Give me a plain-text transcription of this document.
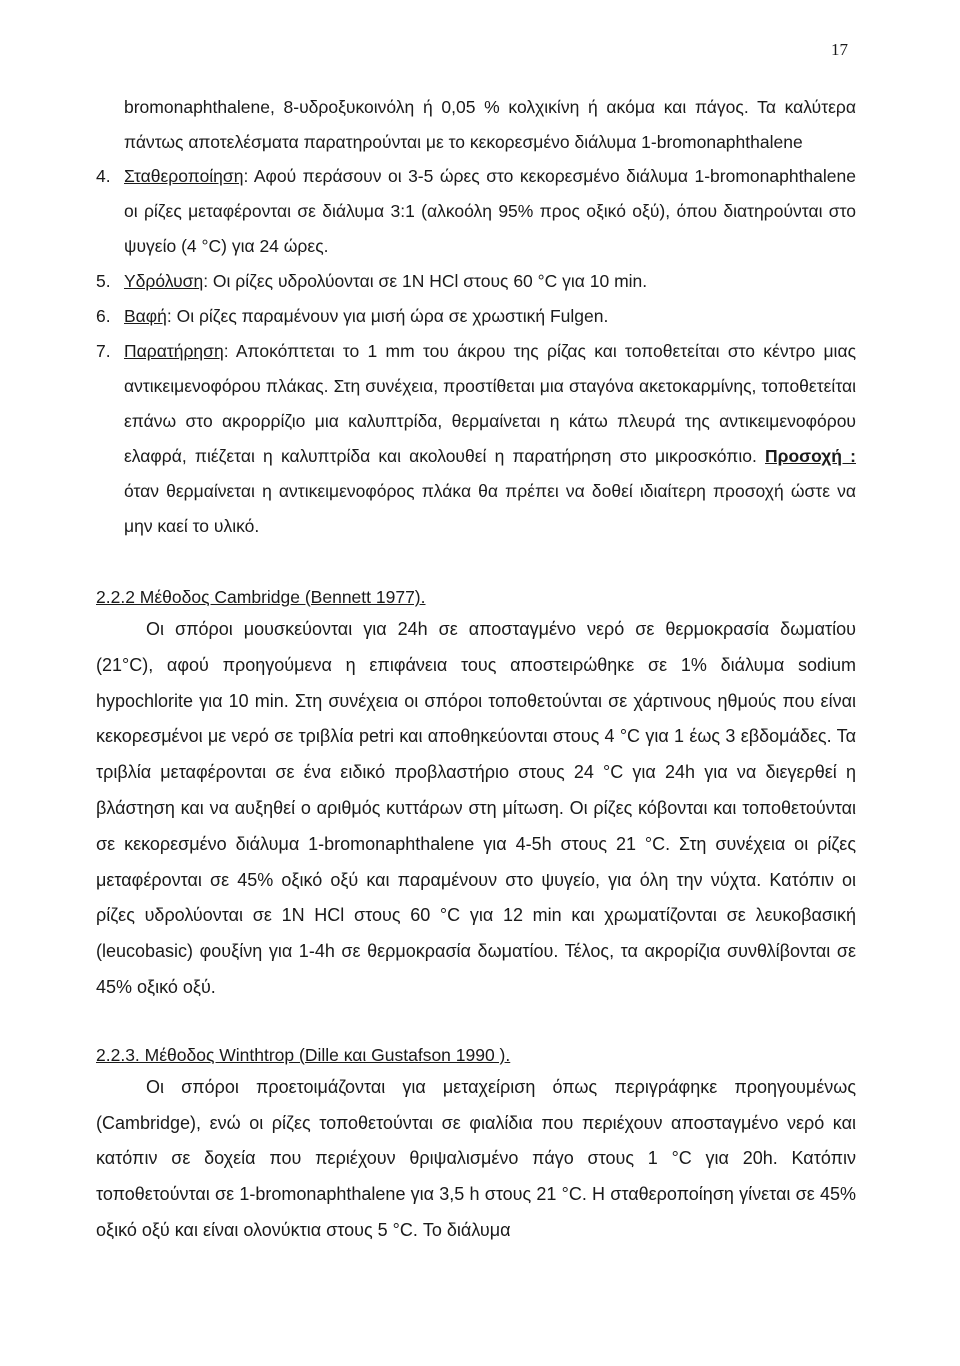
17

bromonaphthalene, 8-υδροξυκοινόλη ή 0,05 % κολχικίνη ή ακόμα και πάγος. Τα καλύτερα πάντως αποτελέσματα παρατηρούνται με το κεκορεσμένο διάλυμα 1-bromonaphthalene

4. Σταθεροποίηση: Αφού περάσουν οι 3-5 ώρες στο κεκορεσμένο διάλυμα 1-bromonaphthalene οι ρίζες μεταφέρονται σε διάλυμα 3:1 (αλκοόλη 95% προς οξικό οξύ), όπου διατηρούνται στο ψυγείο (4 °C) για 24 ώρες.

5. Υδρόλυση: Οι ρίζες υδρολύονται σε 1N HCl στους 60 °C για 10 min.

6. Βαφή: Οι ρίζες παραμένουν για μισή ώρα σε χρωστική Fulgen.

7. Παρατήρηση: Αποκόπτεται το 1 mm του άκρου της ρίζας και τοποθετείται στο κέντρο μιας αντικειμενοφόρου πλάκας. Στη συνέχεια, προστίθεται μια σταγόνα ακετοκαρμίνης, τοποθετείται επάνω στο ακρορρίζιο μια καλυπτρίδα, θερμαίνεται η κάτω πλευρά της αντικειμενοφόρου ελαφρά, πιέζεται η καλυπτρίδα και ακολουθεί η παρατήρηση στο μικροσκόπιο. Προσοχή : όταν θερμαίνεται η αντικειμενοφόρος πλάκα θα πρέπει να δοθεί ιδιαίτερη προσοχή ώστε να μην καεί το υλικό.

2.2.2 Μέθοδος Cambridge (Bennett 1977).

Οι σπόροι μουσκεύονται για 24h σε αποσταγμένο νερό σε θερμοκρασία δωματίου (21°C), αφού προηγούμενα η επιφάνεια τους αποστειρώθηκε σε 1% διάλυμα sodium hypochlorite για 10 min. Στη συνέχεια οι σπόροι τοποθετούνται σε χάρτινους ηθμούς που είναι κεκορεσμένοι με νερό σε τριβλία petri και αποθηκεύονται στους 4 °C για 1 έως 3 εβδομάδες. Τα τριβλία μεταφέρονται σε ένα ειδικό προβλαστήριο στους 24 °C για 24h για να διεγερθεί η βλάστηση και να αυξηθεί ο αριθμός κυττάρων στη μίτωση. Οι ρίζες κόβονται και τοποθετούνται σε κεκορεσμένο διάλυμα 1-bromonaphthalene για 4-5h στους 21 °C. Στη συνέχεια οι ρίζες μεταφέρονται σε 45% οξικό οξύ και παραμένουν στο ψυγείο, για όλη την νύχτα. Κατόπιν οι ρίζες υδρολύονται σε 1N HCl στους 60 °C για 12 min και χρωματίζονται σε λευκοβασική (leucobasic) φουξίνη για 1-4h σε θερμοκρασία δωματίου. Τέλος, τα ακρορίζια συνθλίβονται σε 45% οξικό οξύ.

2.2.3. Μέθοδος Winthtrop (Dille και Gustafson 1990 ).

Οι σπόροι προετοιμάζονται για μεταχείριση όπως περιγράφηκε προηγουμένως (Cambridge), ενώ οι ρίζες τοποθετούνται σε φιαλίδια που περιέχουν αποσταγμένο νερό και κατόπιν σε δοχεία που περιέχουν θριψαλισμένο πάγο στους 1 °C για 20h. Κατόπιν τοποθετούνται σε 1-bromonaphthalene για 3,5 h στους 21 °C. Η σταθεροποίηση γίνεται σε 45% οξικό οξύ και είναι ολονύκτια στους 5 °C. Το διάλυμα
